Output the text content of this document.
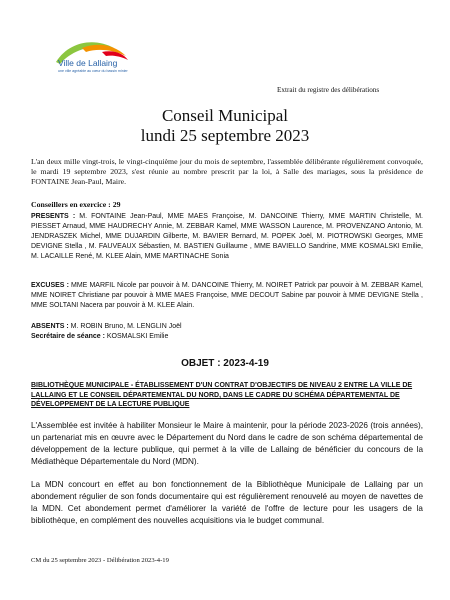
Ville de Lallaing
une ville agréable au cœur du bassin minier
Extrait du registre des délibérations
Conseil Municipal
lundi 25 septembre 2023
L'an deux mille vingt-trois, le vingt-cinquième jour du mois de septembre, l'assemblée délibérante régulièrement convoquée, le mardi 19 septembre 2023, s'est réunie au nombre prescrit par la loi, à Salle des mariages, sous la présidence de FONTAINE Jean-Paul, Maire.
Conseillers en exercice : 29
PRESENTS : M. FONTAINE Jean-Paul, MME MAES Françoise, M. DANCOINE Thierry, MME MARTIN Christelle, M. PIESSET Arnaud, MME HAUDRECHY Annie, M. ZEBBAR Kamel, MME WASSON Laurence, M. PROVENZANO Antonio, M. JENDRASZEK Michel, MME DUJARDIN Gilberte, M. BAVIER Bernard, M. POPEK Joël, M. PIOTROWSKI Georges, MME DEVIGNE Stella , M. FAUVEAUX Sébastien, M. BASTIEN Guillaume , MME BAVIELLO Sandrine, MME KOSMALSKI Emilie, M. LACAILLE René, M. KLEE Alain, MME MARTINACHE Sonia
EXCUSES : MME MARFIL Nicole par pouvoir à M. DANCOINE Thierry, M. NOIRET Patrick par pouvoir à M. ZEBBAR Kamel, MME NOIRET Christiane par pouvoir à MME MAES Françoise, MME DECOUT Sabine par pouvoir à MME DEVIGNE Stella , MME SOLTANI Nacera par pouvoir à M. KLEE Alain.
ABSENTS : M. ROBIN Bruno, M. LENGLIN Joël
Secrétaire de séance : KOSMALSKI Emilie
OBJET : 2023-4-19
BIBLIOTHÈQUE MUNICIPALE - ÉTABLISSEMENT D'UN CONTRAT D'OBJECTIFS DE NIVEAU 2 ENTRE LA VILLE DE LALLAING ET LE CONSEIL DÉPARTEMENTAL DU NORD, DANS LE CADRE DU SCHÉMA DÉPARTEMENTAL DE DÉVELOPPEMENT DE LA LECTURE PUBLIQUE
L'Assemblée est invitée à habiliter Monsieur le Maire à maintenir, pour la période 2023-2026 (trois années), un partenariat mis en œuvre avec le Département du Nord dans le cadre de son schéma départemental de développement de la lecture publique, qui permet à la ville de Lallaing de bénéficier du concours de la Médiathèque Départementale du Nord (MDN).
La MDN concourt en effet au bon fonctionnement de la Bibliothèque Municipale de Lallaing par un abondement régulier de son fonds documentaire qui est régulièrement renouvelé au moyen de navettes de la MDN. Cet abondement permet d'améliorer la variété de l'offre de lecture pour les usagers de la bibliothèque, en complément des nouvelles acquisitions via le budget communal.
CM du 25 septembre 2023 - Délibération 2023-4-19
